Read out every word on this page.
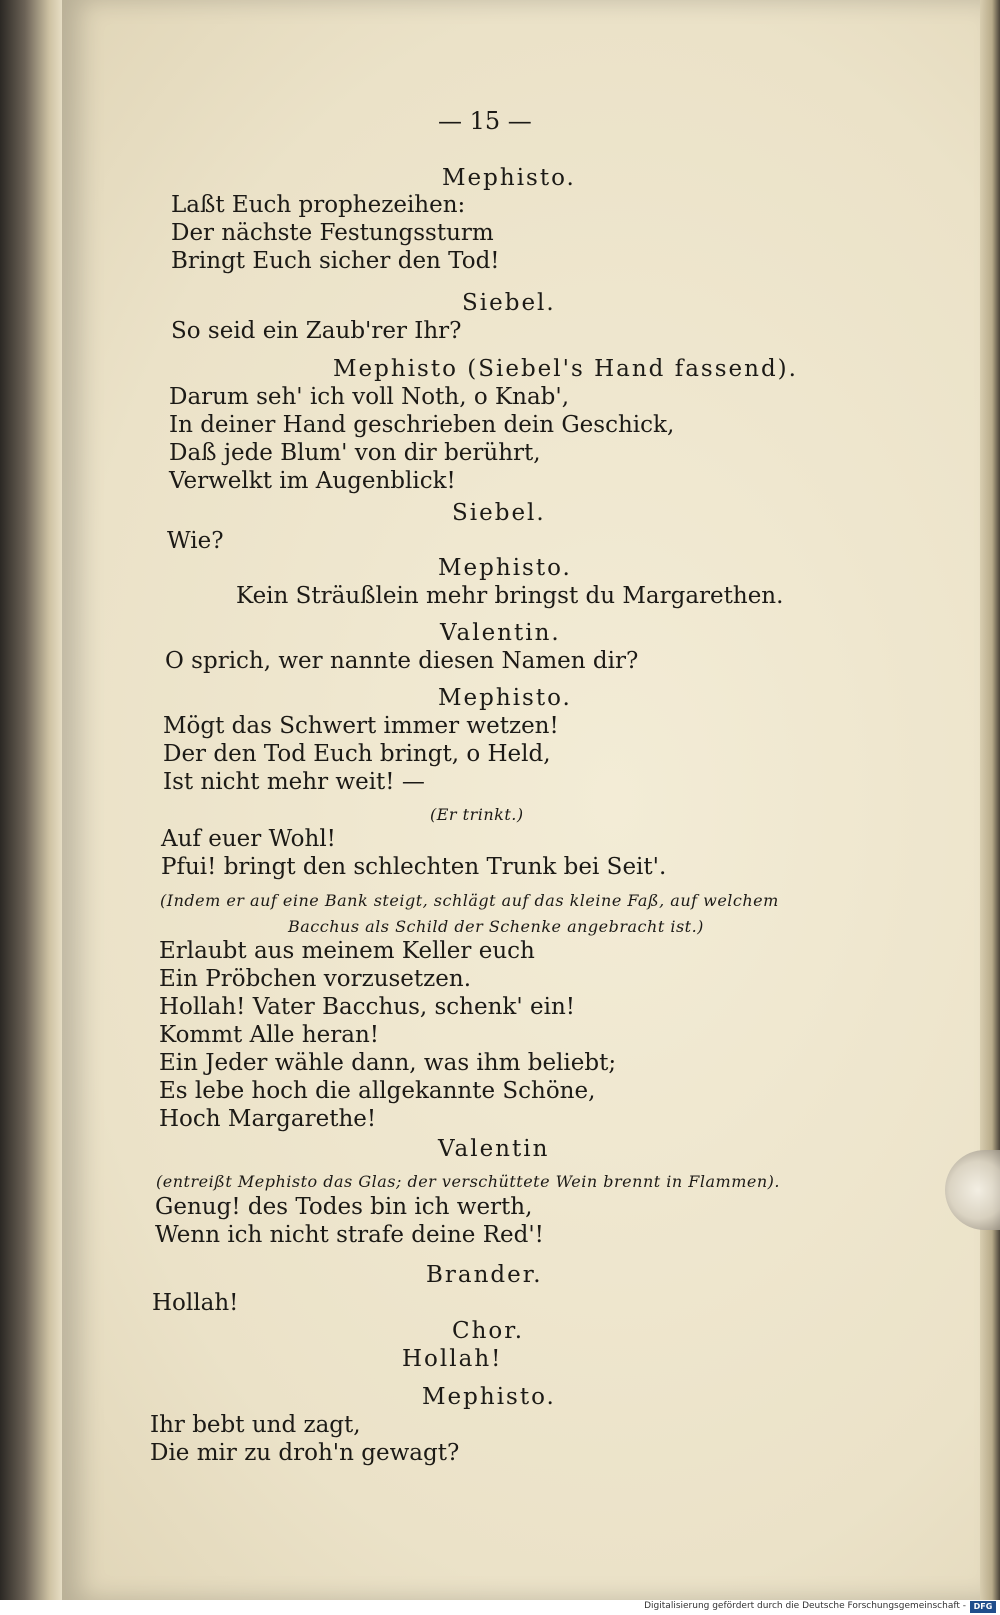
— 15 —
Mephisto.
Laßt Euch prophezeihen:
Der nächste Festungssturm
Bringt Euch sicher den Tod!
Siebel.
So seid ein Zaub'rer Ihr?
Mephisto (Siebel's Hand fassend).
Darum seh' ich voll Noth, o Knab',
In deiner Hand geschrieben dein Geschick,
Daß jede Blum' von dir berührt,
Verwelkt im Augenblick!
Siebel.
Wie?
Mephisto.
Kein Sträußlein mehr bringst du Margarethen.
Valentin.
O sprich, wer nannte diesen Namen dir?
Mephisto.
Mögt das Schwert immer wetzen!
Der den Tod Euch bringt, o Held,
Ist nicht mehr weit! —
(Er trinkt.)
Auf euer Wohl!
Pfui! bringt den schlechten Trunk bei Seit'.
(Indem er auf eine Bank steigt, schlägt auf das kleine Faß, auf welchem
Bacchus als Schild der Schenke angebracht ist.)
Erlaubt aus meinem Keller euch
Ein Pröbchen vorzusetzen.
Hollah! Vater Bacchus, schenk' ein!
Kommt Alle heran!
Ein Jeder wähle dann, was ihm beliebt;
Es lebe hoch die allgekannte Schöne,
Hoch Margarethe!
Valentin
(entreißt Mephisto das Glas; der verschüttete Wein brennt in Flammen).
Genug! des Todes bin ich werth,
Wenn ich nicht strafe deine Red'!
Brander.
Hollah!
Chor.
Hollah!
Mephisto.
Ihr bebt und zagt,
Die mir zu droh'n gewagt?
Digitalisierung gefördert durch die Deutsche Forschungsgemeinschaft - DFG
